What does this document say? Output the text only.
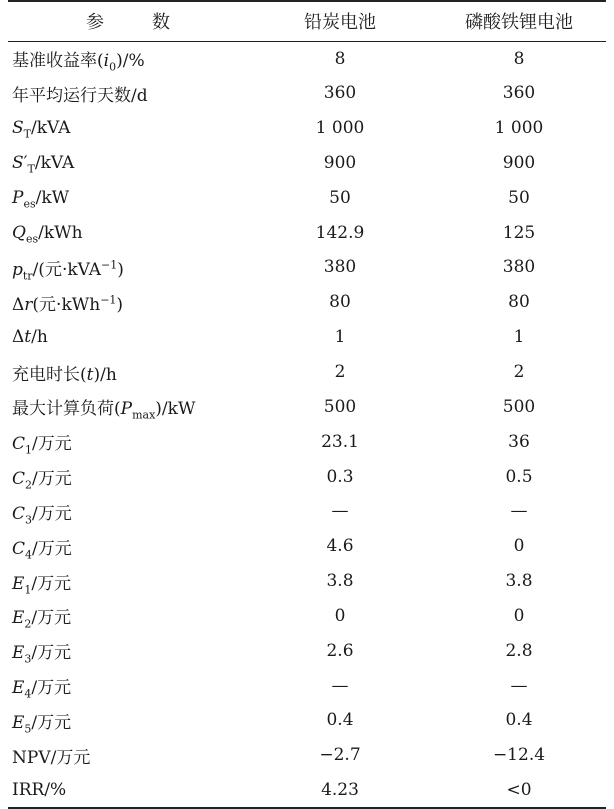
参 数	铅炭电池	磷酸铁锂电池
基准收益率$(i_0)/\%$	8	8
年平均运行天数/d	360	360
$S_T$/kVA	1 000	1 000
$S'_T$/kVA	900	900
$P_{es}/kW$	50	50
$Q_{es}$/kWh	142.9	125
$p_{tr}/$(元·kVA$^{-1}$)	380	380
Δr(元·kWh$^{-1}$)	80	80
Δt/h	1	1
充电时长(t)/h	2	2
最大计算负荷$(P_{max})/kW$	500	500
$C_1/$万元	23.1	36
$C_2/$万元	0.3	0.5
$C_3/$万元	—	—
$C_4/$万元	4.6	0
$E_1/$万元	3.8	3.8
$E_2/$万元	0	0
$E_3/$万元	2.6	2.8
$E_4/$万元	—	—
$E_5/$万元	0.4	0.4
NPV/万元	−2.7	−12.4
IRR/%	4.23	<0
